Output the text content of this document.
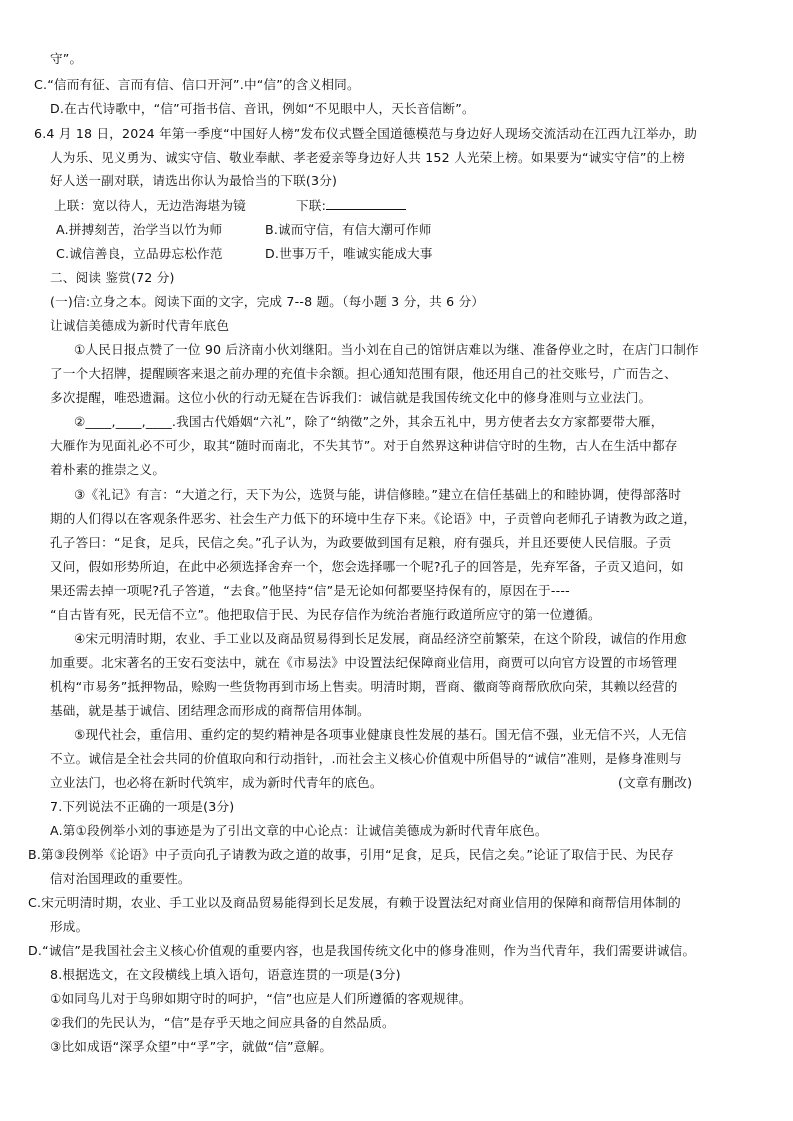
守”。
C.“信而有征、言而有信、信口开河”.中“信”的含义相同。
D.在古代诗歌中，“信”可指书信、音讯，例如“不见眼中人，天长音信断”。
6.4 月 18 日，2024 年第一季度“中国好人榜”发布仪式暨全国道德模范与身边好人现场交流活动在江西九江举办，助
人为乐、见义勇为、诚实守信、敬业奉献、孝老爱亲等身边好人共 152 人光荣上榜。如果要为“诚实守信”的上榜
好人送一副对联，请选出你认为最恰当的下联(3分)
上联：宽以待人，无边浩海堪为镜
A.拼搏刻苦，治学当以竹为师
C.诚信善良，立品毋忘松作范
二、阅读 鉴赏(72 分)
(一)信:立身之本。阅读下面的文字，完成 7--8 题。（每小题 3 分，共 6 分）
让诚信美德成为新时代青年底色
①人民日报点赞了一位 90 后济南小伙刘继阳。当小刘在自己的馆饼店难以为继、准备停业之时，在店门口制作
了一个大招牌，提醒顾客来退之前办理的充值卡余额。担心通知范围有限，他还用自己的社交账号，广而告之、
多次提醒，唯恐遗漏。这位小伙的行动无疑在告诉我们：诚信就是我国传统文化中的修身准则与立业法门。
大雁作为见面礼必不可少，取其“随时而南北，不失其节”。对于自然界这种讲信守时的生物，古人在生活中都存
着朴素的推崇之义。
③《礼记》有言：“大道之行，天下为公，选贤与能，讲信修睦。”建立在信任基础上的和睦协调，使得部落时
期的人们得以在客观条件恶劣、社会生产力低下的环境中生存下来。《论语》中，子贡曾向老师孔子请教为政之道，
孔子答曰：“足食，足兵，民信之矣。”孔子认为，为政要做到国有足粮，府有强兵，并且还要使人民信服。子贡
又问，假如形势所迫，在此中必须选择舍弃一个，您会选择哪一个呢?孔子的回答是，先弃军备，子贡又追问，如
果还需去掉一项呢?孔子答道，“去食。”他坚持“信”是无论如何都要坚持保有的，原因在于----
“自古皆有死，民无信不立”。他把取信于民、为民存信作为统治者施行政道所应守的第一位遵循。
④宋元明清时期，农业、手工业以及商品贸易得到长足发展，商品经济空前繁荣，在这个阶段，诚信的作用愈
加重要。北宋著名的王安石变法中，就在《市易法》中设置法纪保障商业信用，商贾可以向官方设置的市场管理
机构“市易务”抵押物品，赊购一些货物再到市场上售卖。明清时期，晋商、徽商等商帮欣欣向荣，其赖以经营的
基础，就是基于诚信、团结理念而形成的商帮信用体制。
⑤现代社会，重信用、重约定的契约精神是各项事业健康良性发展的基石。国无信不强，业无信不兴，人无信
不立。诚信是全社会共同的价值取向和行动指针，.而社会主义核心价值观中所倡导的“诚信”准则，是修身准则与
立业法门，也必将在新时代筑牢，成为新时代青年的底色。
7.下列说法不正确的一项是(3分)
A.第①段例举小刘的事迹是为了引出文章的中心论点：让诚信美德成为新时代青年底色。
B.第③段例举《论语》中子贡向孔子请教为政之道的故事，引用“足食，足兵，民信之矣。”论证了取信于民、为民存
信对治国理政的重要性。
C.宋元明清时期，农业、手工业以及商品贸易能得到长足发展，有赖于设置法纪对商业信用的保障和商帮信用体制的
形成。
D.“诚信”是我国社会主义核心价值观的重要内容，也是我国传统文化中的修身准则，作为当代青年，我们需要讲诚信。
8.根据选文，在文段横线上填入语句，语意连贯的一项是(3分)
①如同鸟儿对于鸟卵如期守时的呵护，“信”也应是人们所遵循的客观规律。
②我们的先民认为，“信”是存乎天地之间应具备的自然品质。
③比如成语“深孚众望”中“孚”字，就做“信”意解。
下联:
B.诚而守信，有信大潮可作师
D.世事万千，唯诚实能成大事
②____,____,____.我国古代婚姻“六礼”，除了“纳徵”之外，其余五礼中，男方使者去女方家都要带大雁，
(文章有删改)
